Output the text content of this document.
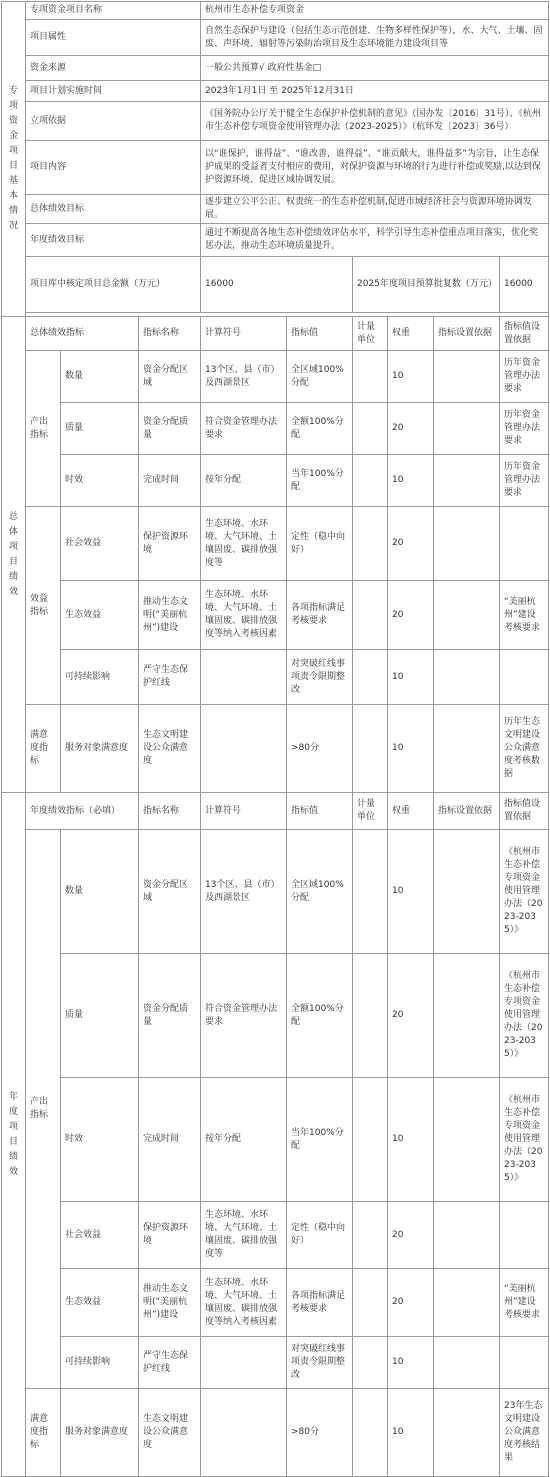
专项资金项目基本情况	专项资金项目名称			杭州市生态补偿专项资金					
	项目属性			自然生态保护与建设（包括生态示范创建、生物多样性保护等），水、大气、土壤、固废、声环境、辐射等污染防治项目及生态环境能力建设项目等					
	资金来源			一般公共预算√ 政府性基金□					
	项目计划实施时间			2023年1月1日 至 2025年12月31日					
	立项依据			《国务院办公厅关于健全生态保护补偿机制的意见》（国办发〔2016〕31号）、《杭州市生态补偿专项资金使用管理办法（2023-2025）》（杭环发〔2023〕36号）					
	项目内容			以“谁保护，谁得益”、“谁改善，谁得益”、“谁贡献大，谁得益多”为宗旨，让生态保护成果的受益者支付相应的费用，对保护资源与环境的行为进行补偿或奖励,以达到保护资源环境、促进区域协调发展。					
	总体绩效目标			逐步建立公平公正、权责统一的生态补偿机制,促进市域经济社会与资源环境协调发展。					
	年度绩效目标			通过不断提高各地生态补偿绩效评估水平，科学引导生态补偿重点项目落实，优化奖惩办法，推动生态环境质量提升。					
	项目库中核定项目总金额（万元）			16000		2025年度项目预算批复数（万元）			16000

总体项目绩效	总体绩效指标		指标名称	计算符号	指标值	计量单位	权重	指标设置依据	指标值设置依据
	产出指标	数量	资金分配区域	13个区、县（市）及西湖景区	全区域100%分配		10		历年资金管理办法要求
		质量	资金分配质量	符合资金管理办法要求	全额100%分配		20		历年资金管理办法要求
		时效	完成时间	按年分配	当年100%分配		10		历年资金管理办法要求
	效益指标	社会效益	保护资源环境	生态环境、水环境、大气环境、土壤固废、碳排放强度等	定性（稳中向好）		20		
		生态效益	推动生态文明(“美丽杭州”)建设	生态环境、水环境、大气环境、土壤固废、碳排放强度等纳入考核因素	各项指标满足考核要求		20		“美丽杭州”建设考核要求
		可持续影响	严守生态保护红线		对突破红线事项责令限期整改		10		
	满意度指标	服务对象满意度	生态文明建设公众满意度		>80分		10		历年生态文明建设公众满意度考核数据
年度项目绩效	年度绩效指标（必填）		指标名称	计算符号	指标值	计量单位	权重	指标设置依据	指标值设置依据
	产出指标	数量	资金分配区域	13个区、县（市）及西湖景区	全区域100%分配		10		《杭州市生态补偿专项资金使用管理办法（2023-2035）》
		质量	资金分配质量	符合资金管理办法要求	全额100%分配		20		《杭州市生态补偿专项资金使用管理办法（2023-2035）》
		时效	完成时间	按年分配	当年100%分配		10		《杭州市生态补偿专项资金使用管理办法（2023-2035）》
		社会效益	保护资源环境	生态环境、水环境、大气环境、土壤固废、碳排放强度等	定性（稳中向好）		20		
		生态效益	推动生态文明(“美丽杭州”)建设	生态环境、水环境、大气环境、土壤固废、碳排放强度等纳入考核因素	各项指标满足考核要求		20		“美丽杭州”建设考核要求
		可持续影响	严守生态保护红线		对突破红线事项责令限期整改		10		
	满意度指标	服务对象满意度	生态文明建设公众满意度		>80分		10		23年生态文明建设公众满意度考核结果
